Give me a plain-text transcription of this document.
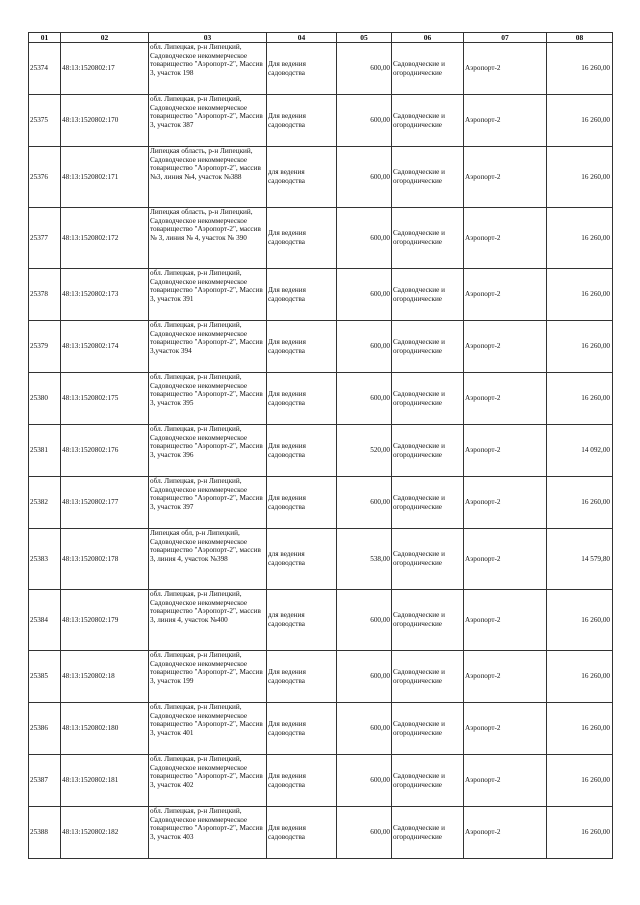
01	02	03	04	05	06	07	08
25374	48:13:1520802:17	обл. Липецкая, р-н Липецкий, Садоводческое некоммерческое товарищество "Аэропорт-2", Массив 3, участок 198	Для ведения садоводства	600,00	Садоводческие и огороднические	Аэропорт-2	16 260,00
25375	48:13:1520802:170	обл. Липецкая, р-н Липецкий, Садоводческое некоммерческое товарищество "Аэропорт-2", Массив 3, участок 387	Для ведения садоводства	600,00	Садоводческие и огороднические	Аэропорт-2	16 260,00
25376	48:13:1520802:171	Липецкая область, р-н Липецкий, Садоводческое некоммерческое товарищество "Аэропорт-2", массив №3, линия №4, участок №388	для ведения садоводства	600,00	Садоводческие и огороднические	Аэропорт-2	16 260,00
25377	48:13:1520802:172	Липецкая область, р-н Липецкий, Садоводческое некоммерческое товарищество "Аэропорт-2", массив № 3, линия № 4, участок № 390	Для ведения садоводства	600,00	Садоводческие и огороднические	Аэропорт-2	16 260,00
25378	48:13:1520802:173	обл. Липецкая, р-н Липецкий, Садоводческое некоммерческое товарищество "Аэропорт-2", Массив 3, участок 391	Для ведения садоводства	600,00	Садоводческие и огороднические	Аэропорт-2	16 260,00
25379	48:13:1520802:174	обл. Липецкая, р-н Липецкий, Садоводческое некоммерческое товарищество "Аэропорт-2", Массив 3,участок 394	Для ведения садоводства	600,00	Садоводческие и огороднические	Аэропорт-2	16 260,00
25380	48:13:1520802:175	обл. Липецкая, р-н Липецкий, Садоводческое некоммерческое товарищество "Аэропорт-2", Массив 3, участок 395	Для ведения садоводства	600,00	Садоводческие и огороднические	Аэропорт-2	16 260,00
25381	48:13:1520802:176	обл. Липецкая, р-н Липецкий, Садоводческое некоммерческое товарищество "Аэропорт-2", Массив 3, участок 396	Для ведения садоводства	520,00	Садоводческие и огороднические	Аэропорт-2	14 092,00
25382	48:13:1520802:177	обл. Липецкая, р-н Липецкий, Садоводческое некоммерческое товарищество "Аэропорт-2", Массив 3, участок 397	Для ведения садоводства	600,00	Садоводческие и огороднические	Аэропорт-2	16 260,00
25383	48:13:1520802:178	Липецкая обл, р-н Липецкий, Садоводческое некоммерческое товарищество "Аэропорт-2", массив 3, линия 4, участок №398	для ведения садоводства	538,00	Садоводческие и огороднические	Аэропорт-2	14 579,80
25384	48:13:1520802:179	обл. Липецкая, р-н Липецкий, Садоводческое некоммерческое товарищество "Аэропорт-2", массив 3, линия 4, участок №400	для ведения садоводства	600,00	Садоводческие и огороднические	Аэропорт-2	16 260,00
25385	48:13:1520802:18	обл. Липецкая, р-н Липецкий, Садоводческое некоммерческое товарищество "Аэропорт-2", Массив 3, участок 199	Для ведения садоводства	600,00	Садоводческие и огороднические	Аэропорт-2	16 260,00
25386	48:13:1520802:180	обл. Липецкая, р-н Липецкий, Садоводческое некоммерческое товарищество "Аэропорт-2", Массив 3, участок 401	Для ведения садоводства	600,00	Садоводческие и огороднические	Аэропорт-2	16 260,00
25387	48:13:1520802:181	обл. Липецкая, р-н Липецкий, Садоводческое некоммерческое товарищество "Аэропорт-2", Массив 3, участок 402	Для ведения садоводства	600,00	Садоводческие и огороднические	Аэропорт-2	16 260,00
25388	48:13:1520802:182	обл. Липецкая, р-н Липецкий, Садоводческое некоммерческое товарищество "Аэропорт-2", Массив 3, участок 403	Для ведения садоводства	600,00	Садоводческие и огороднические	Аэропорт-2	16 260,00
